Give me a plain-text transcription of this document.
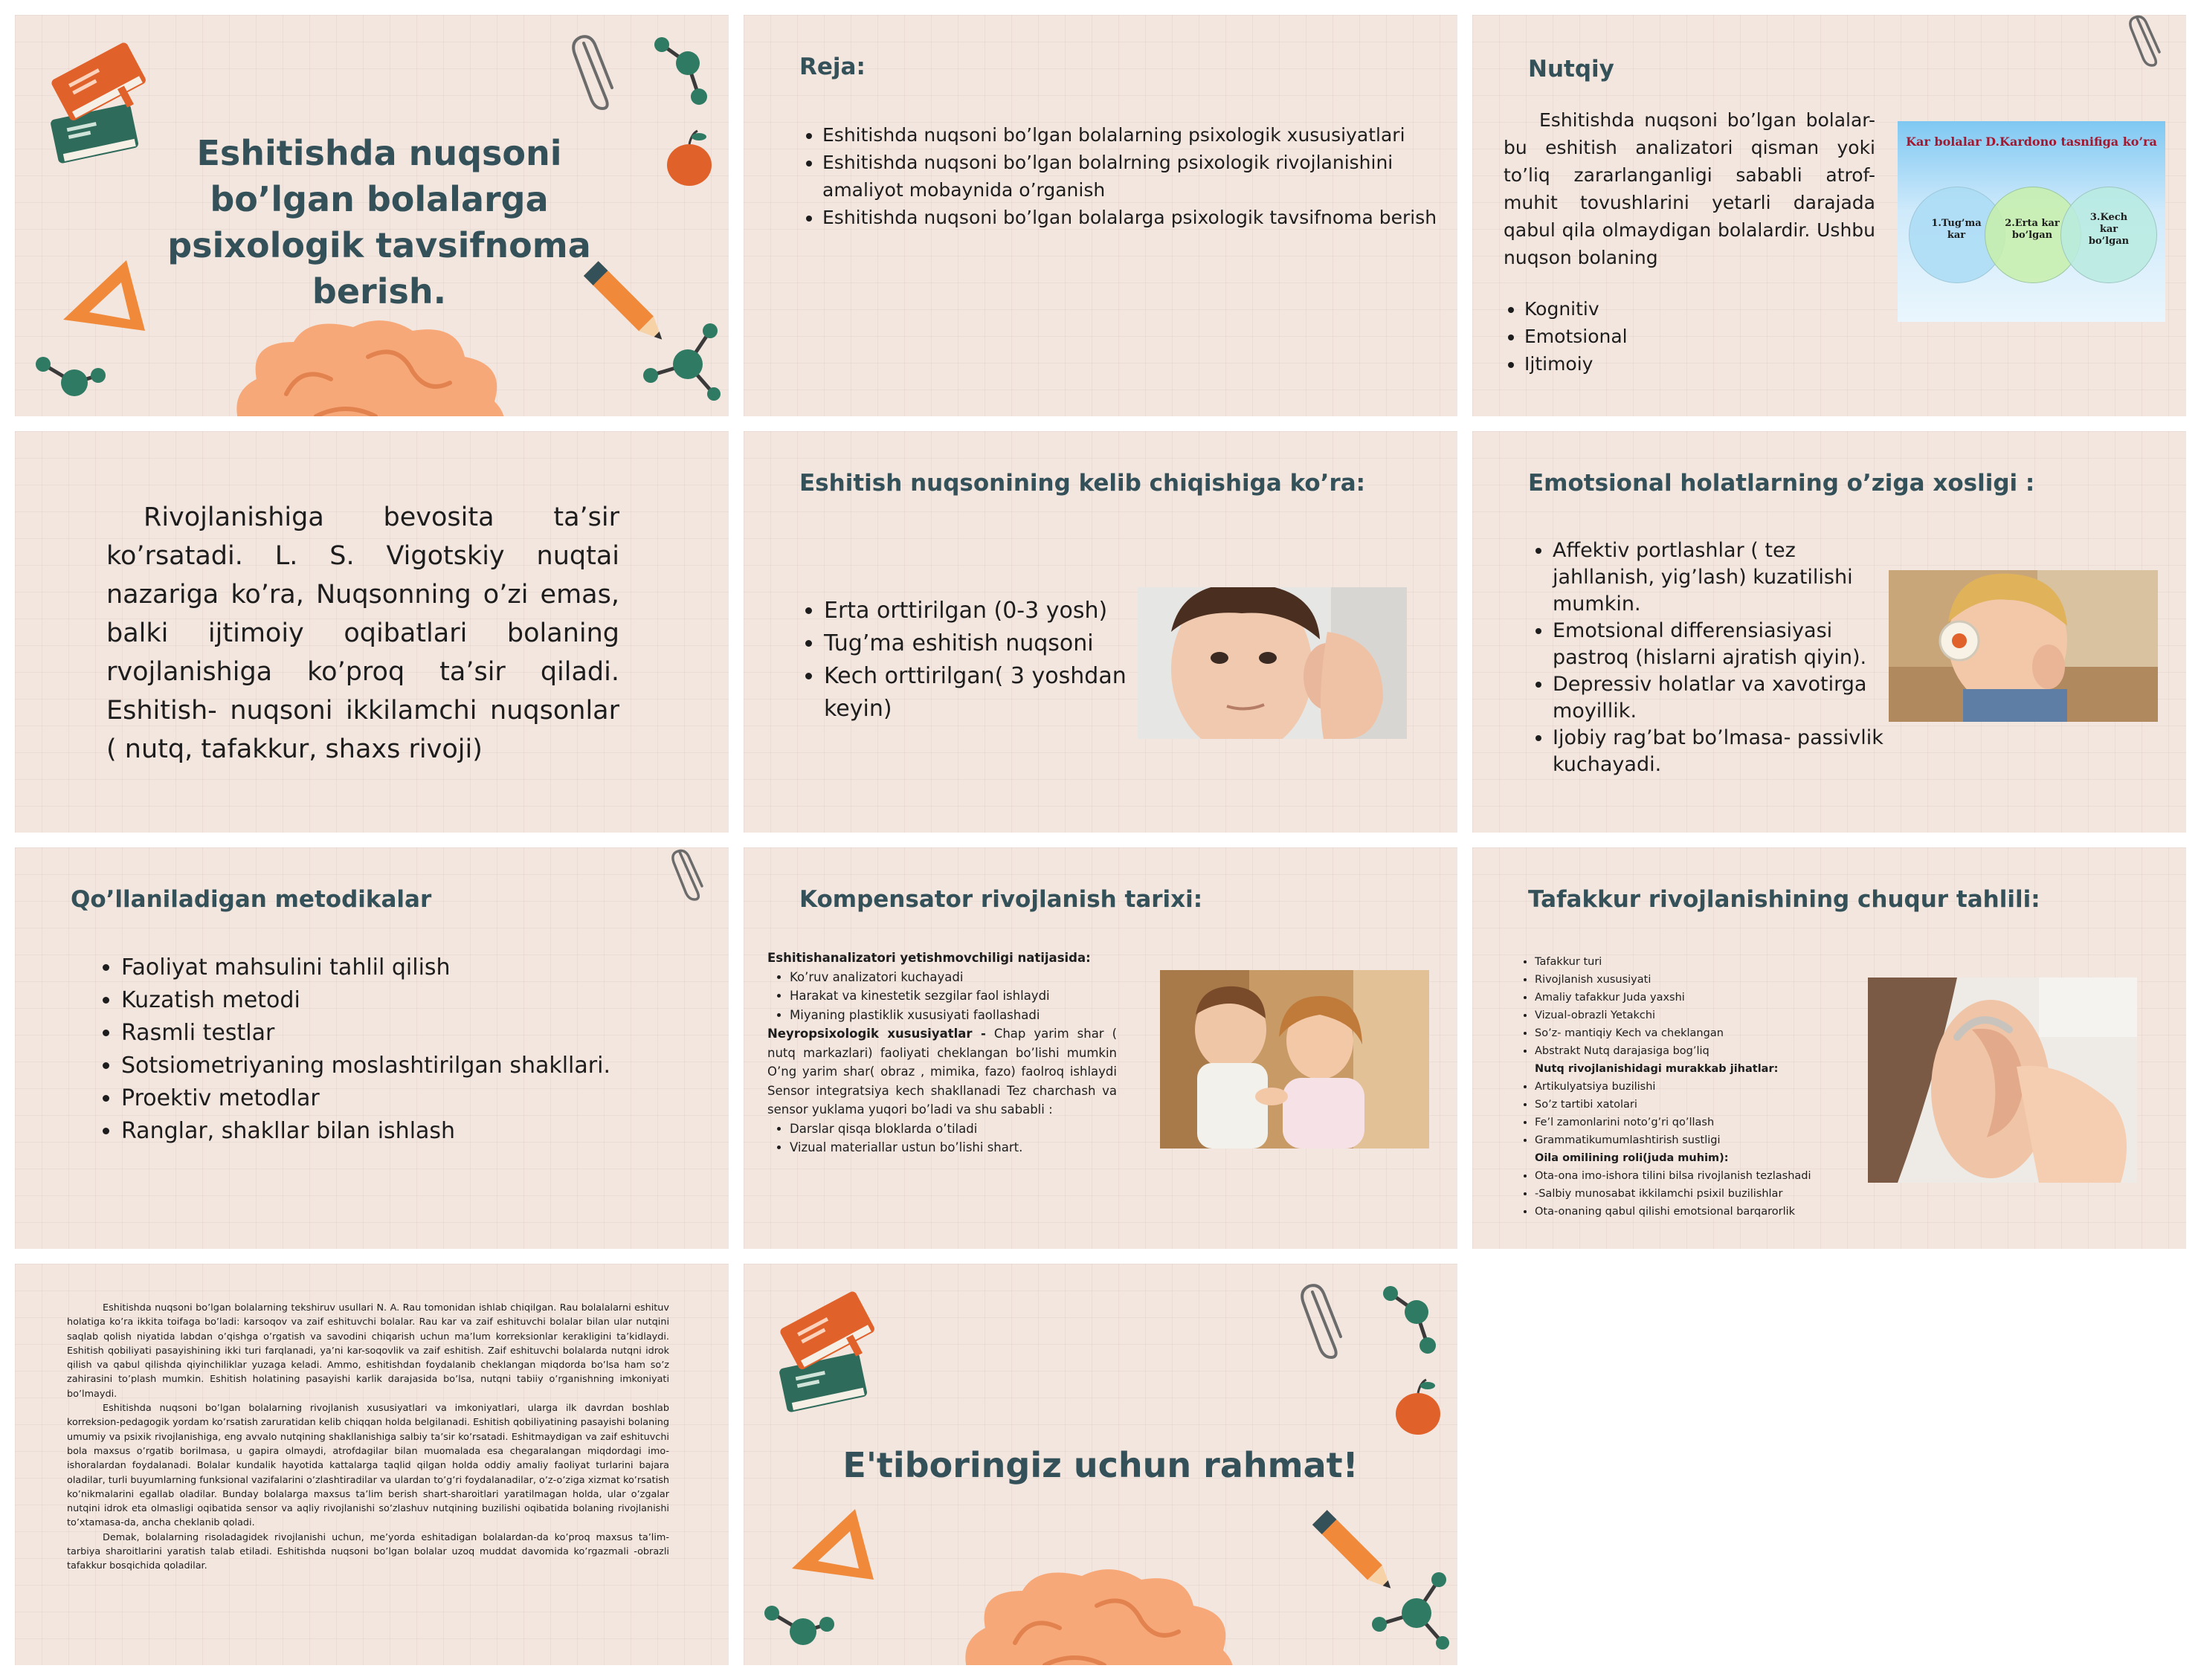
Eshitishda nuqsoni bo’lgan bolalarga psixologik tavsifnoma berish.
Reja:
• Eshitishda nuqsoni bo’lgan bolalarning psixologik xususiyatlari
• Eshitishda nuqsoni bo’lgan bolalrning psixologik rivojlanishini amaliyot mobaynida o’rganish
• Eshitishda nuqsoni bo’lgan bolalarga psixologik tavsifnoma berish
Nutqiy
Eshitishda nuqsoni bo’lgan bolalar- bu eshitish analizatori qisman yoki to’liq zararlanganligi sababli atrof- muhit tovushlarini yetarli darajada qabul qila olmaydigan bolalardir. Ushbu nuqson bolaning
• Kognitiv
• Emotsional
• Ijtimoiy
Kar bolalar D.Kardono tasnifiga ko’ra
1.Tug’ma kar
2.Erta kar bo’lgan
3.Kech kar bo’lgan
Rivojlanishiga bevosita ta’sir ko’rsatadi. L. S. Vigotskiy nuqtai nazariga ko’ra, Nuqsonning o’zi emas, balki ijtimoiy oqibatlari bolaning rvojlanishiga ko’proq ta’sir qiladi. Eshitish- nuqsoni ikkilamchi nuqsonlar ( nutq, tafakkur, shaxs rivoji)
Eshitish nuqsonining kelib chiqishiga ko’ra:
• Erta orttirilgan (0-3 yosh)
• Tug’ma eshitish nuqsoni
• Kech orttirilgan( 3 yoshdan keyin)
Emotsional holatlarning o’ziga xosligi :
• Affektiv portlashlar ( tez jahllanish, yig’lash) kuzatilishi mumkin.
• Emotsional differensiasiyasi pastroq (hislarni ajratish qiyin).
• Depressiv holatlar va xavotirga moyillik.
• Ijobiy rag’bat bo’lmasa- passivlik kuchayadi.
Qo’llaniladigan metodikalar
• Faoliyat mahsulini tahlil qilish
• Kuzatish metodi
• Rasmli testlar
• Sotsiometriyaning moslashtirilgan shakllari.
• Proektiv metodlar
• Ranglar, shakllar bilan ishlash
Kompensator rivojlanish tarixi:
Eshitishanalizatori yetishmovchiligi natijasida:
• Ko’ruv analizatori kuchayadi
• Harakat va kinestetik sezgilar faol ishlaydi
• Miyaning plastiklik xususiyati faollashadi
Neyropsixologik xususiyatlar - Chap yarim shar ( nutq markazlari) faoliyati cheklangan bo’lishi mumkin O’ng yarim shar( obraz , mimika, fazo) faolroq ishlaydi Sensor integratsiya kech shakllanadi Tez charchash va sensor yuklama yuqori bo’ladi va shu sababli :
• Darslar qisqa bloklarda o’tiladi
• Vizual materiallar ustun bo’lishi shart.
Tafakkur rivojlanishining chuqur tahlili:
• Tafakkur turi
• Rivojlanish xususiyati
• Amaliy tafakkur Juda yaxshi
• Vizual-obrazli Yetakchi
• So’z- mantiqiy Kech va cheklangan
• Abstrakt Nutq darajasiga bog’liq
Nutq rivojlanishidagi murakkab jihatlar:
• Artikulyatsiya buzilishi
• So’z tartibi xatolari
• Fe’l zamonlarini noto’g’ri qo’llash
• Grammatikumumlashtirish sustligi
Oila omilining roli(juda muhim):
• Ota-ona imo-ishora tilini bilsa rivojlanish tezlashadi
• -Salbiy munosabat ikkilamchi psixil buzilishlar
• Ota-onaning qabul qilishi emotsional barqarorlik
Eshitishda nuqsoni bo’lgan bolalarning tekshiruv usullari N. A. Rau tomonidan ishlab chiqilgan. Rau bolalalarni eshituv holatiga ko’ra ikkita toifaga bo’ladi: karsoqov va zaif eshituvchi bolalar. Rau kar va zaif eshituvchi bolalar bilan ular nutqini saqlab qolish niyatida labdan o’qishga o’rgatish va savodini chiqarish uchun ma’lum korreksionlar kerakligini ta’kidlaydi. Eshitish qobiliyati pasayishining ikki turi farqlanadi, ya’ni kar-soqovlik va zaif eshitish. Zaif eshituvchi bolalarda nutqni idrok qilish va qabul qilishda qiyinchiliklar yuzaga keladi. Ammo, eshitishdan foydalanib cheklangan miqdorda bo’lsa ham so’z zahirasini to’plash mumkin. Eshitish holatining pasayishi karlik darajasida bo’lsa, nutqni tabiiy o’rganishning imkoniyati bo’lmaydi.
Eshitishda nuqsoni bo’lgan bolalarning rivojlanish xususiyatlari va imkoniyatlari, ularga ilk davrdan boshlab korreksion-pedagogik yordam ko’rsatish zaruratidan kelib chiqqan holda belgilanadi. Eshitish qobiliyatining pasayishi bolaning umumiy va psixik rivojlanishiga, eng avvalo nutqining shakllanishiga salbiy ta’sir ko’rsatadi. Eshitmaydigan va zaif eshituvchi bola maxsus o’rgatib borilmasa, u gapira olmaydi, atrofdagilar bilan muomalada esa chegaralangan miqdordagi imo-ishoralardan foydalanadi. Bolalar kundalik hayotida kattalarga taqlid qilgan holda oddiy amaliy faoliyat turlarini bajara oladilar, turli buyumlarning funksional vazifalarini o’zlashtiradilar va ulardan to’g’ri foydalanadilar, o’z-o’ziga xizmat ko’rsatish ko’nikmalarini egallab oladilar. Bunday bolalarga maxsus ta’lim berish shart-sharoitlari yaratilmagan holda, ular o’zgalar nutqini idrok eta olmasligi oqibatida sensor va aqliy rivojlanishi so’zlashuv nutqining buzilishi oqibatida bolaning rivojlanishi to’xtamasa-da, ancha cheklanib qoladi.
Demak, bolalarning risoladagidek rivojlanishi uchun, me’yorda eshitadigan bolalardan-da ko’proq maxsus ta’lim-tarbiya sharoitlarini yaratish talab etiladi. Eshitishda nuqsoni bo’lgan bolalar uzoq muddat davomida ko’rgazmali -obrazli tafakkur bosqichida qoladilar.
E'tiboringiz uchun rahmat!
